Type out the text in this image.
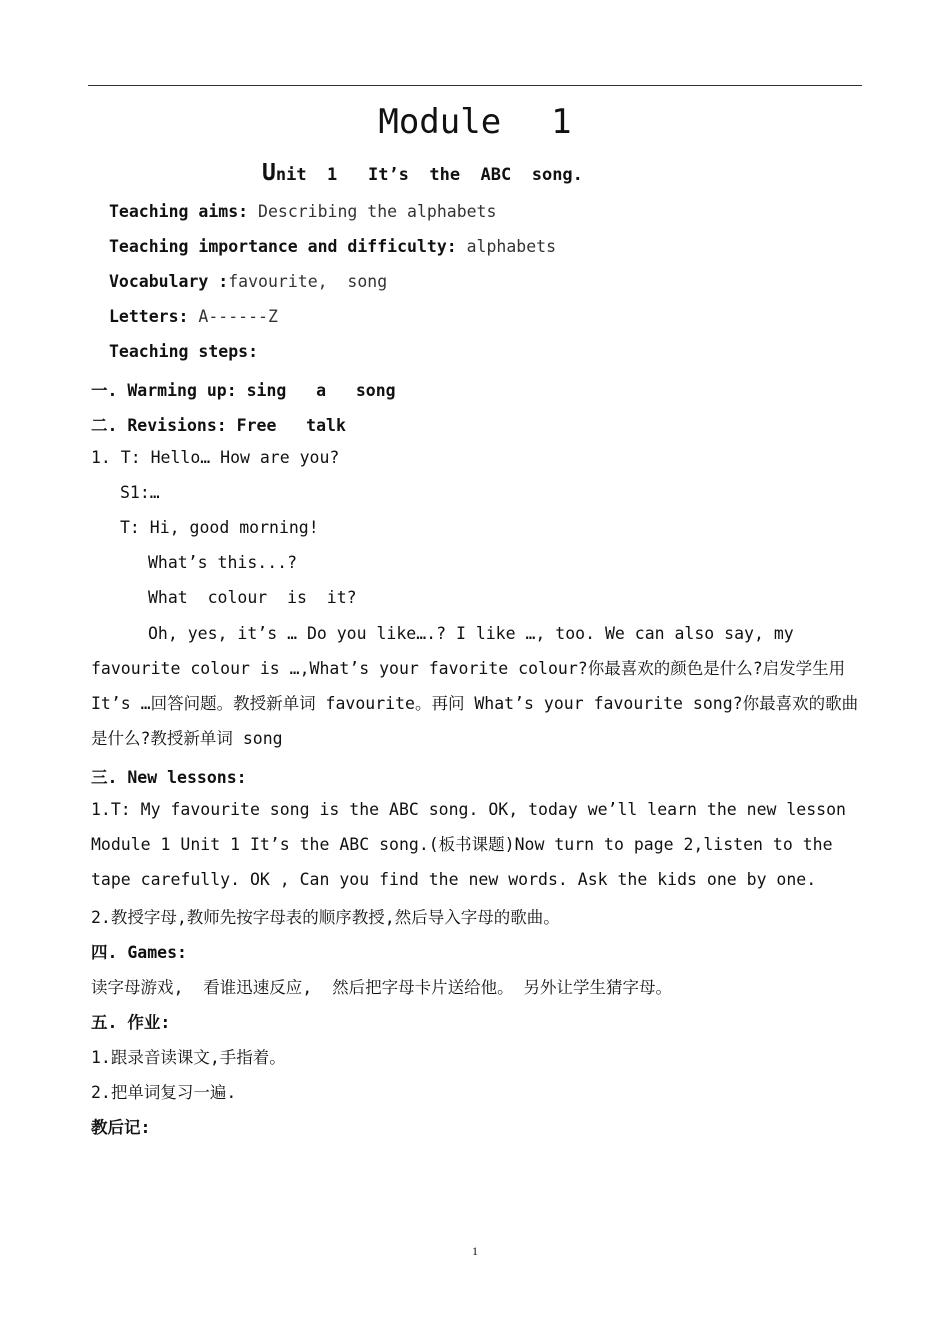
Module 1
Unit  1   It’s  the  ABC  song.
Teaching aims: Describing the alphabets
Teaching importance and difficulty: alphabets
Vocabulary :favourite,  song
Letters: A------Z
Teaching steps:
一. Warming up: sing   a   song
二. Revisions: Free   talk
1. T: Hello… How are you?
S1:…
T: Hi, good morning!
What’s this...?
What  colour  is  it?
Oh, yes, it’s … Do you like….? I like …, too. We can also say, my favourite colour is …,What’s your favorite colour?你最喜欢的颜色是什么?启发学生用 It’s …回答问题。教授新单词 favourite。再问 What’s your favourite song?你最喜欢的歌曲是什么?教授新单词 song
三. New lessons:
1.T: My favourite song is the ABC song. OK, today we’ll learn the new lesson Module 1 Unit 1 It’s the ABC song.(板书课题)Now turn to page 2,listen to the tape carefully. OK , Can you find the new words. Ask the kids one by one.
2.教授字母,教师先按字母表的顺序教授,然后导入字母的歌曲。
四. Games:
读字母游戏,  看谁迅速反应,  然后把字母卡片送给他。 另外让学生猜字母。
五. 作业:
1.跟录音读课文,手指着。
2.把单词复习一遍.
教后记:
1
